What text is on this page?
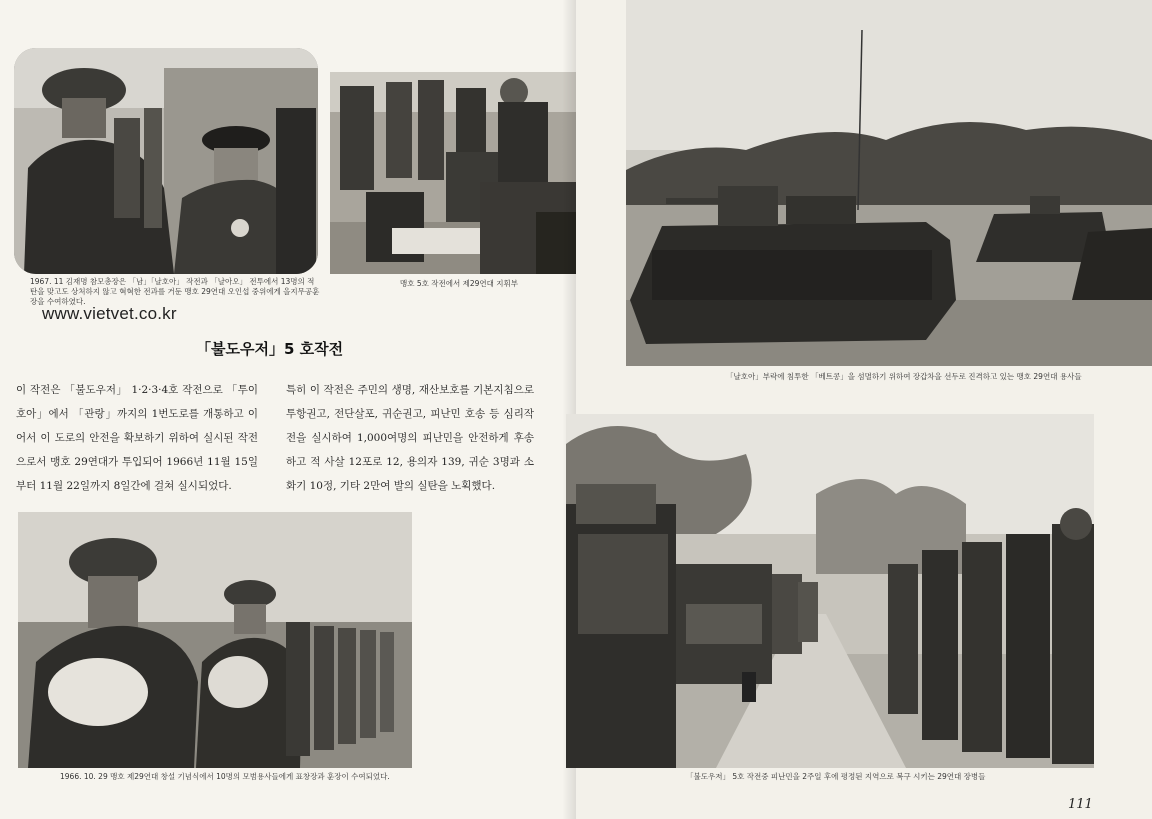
1967. 11 김재명 참모총장은 「남」「날호아」 작전과 「날아오」 전투에서 13명의 적탄을 맞고도 상처하지 않고 혁혁한 전과를 거둔 맹호 29연대 오인섭 중위에게 을지무공훈장을 수여하였다.
맹호 5호 작전에서 제29연대 지휘부
www.vietvet.co.kr
「불도우저」5 호작전
이 작전은 「불도우저」 1·2·3·4호 작전으로 「투이호아」에서 「관랑」까지의 1번도로를 개통하고 이어서 이 도로의 안전을 확보하기 위하여 실시된 작전으로서 맹호 29연대가 투입되어 1966년 11월 15일부터 11월 22일까지 8일간에 걸쳐 실시되었다.
특히 이 작전은 주민의 생명, 재산보호를 기본지침으로 투항권고, 전단살포, 귀순권고, 피난민 호송 등 심리작전을 실시하여 1,000여명의 피난민을 안전하게 후송하고 적 사살 12포로 12, 용의자 139, 귀순 3명과 소화기 10정, 기타 2만여 발의 실탄을 노획했다.
1966. 10. 29 맹호 제29연대 창설 기념식에서 10명의 모범용사들에게 표창장과 훈장이 수여되었다.
「날호아」부락에 침투한 「베트콩」을 섬멸하기 위하여 장갑차을 선두로 진격하고 있는 맹호 29연대 용사들
「불도우저」 5호 작전중 피난민을 2주일 후에 평정된 지역으로 복구 시키는 29연대 장병들
111
